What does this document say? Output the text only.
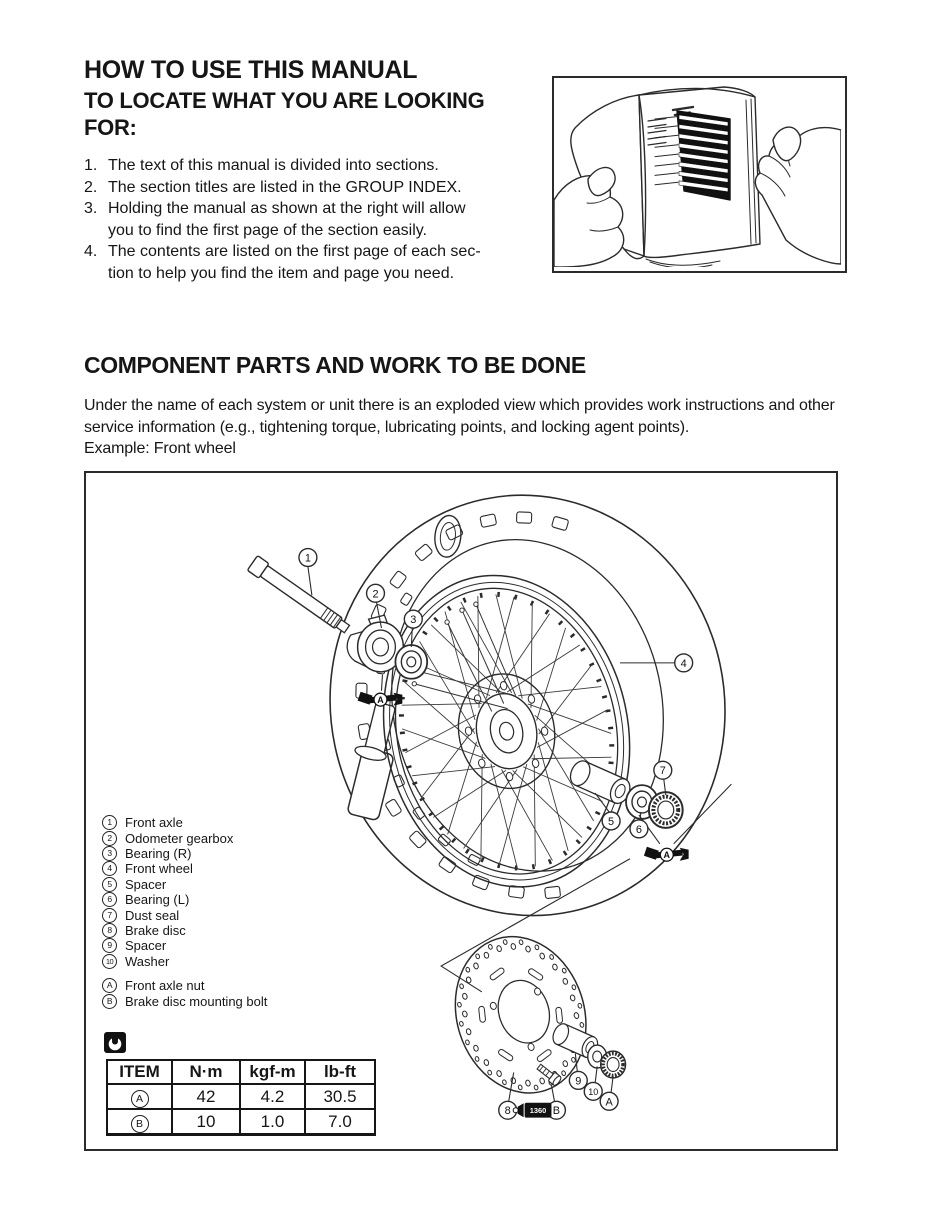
HOW TO USE THIS MANUAL
TO LOCATE WHAT YOU ARE LOOKING
FOR:
1. The text of this manual is divided into sections.
2. The section titles are listed in the GROUP INDEX.
3. Holding the manual as shown at the right will allow
you to find the first page of the section easily.
4. The contents are listed on the first page of each sec-
tion to help you find the item and page you need.
COMPONENT PARTS AND WORK TO BE DONE
Under the name of each system or unit there is an exploded view which provides work instructions and other
service information (e.g., tightening torque, lubricating points, and locking agent points).
Example: Front wheel
1
2
3
4
5
6
7
8
9
10
A
B
A
A
1360
1	Front axle
2	Odometer gearbox
3	Bearing (R)
4	Front wheel
5	Spacer
6	Bearing (L)
7	Dust seal
8	Brake disc
9	Spacer
10 Washer
A Front axle nut
B Brake disc mounting bolt
ITEM	N·m	kgf-m	lb-ft
A	42	4.2	30.5
B	10	1.0	7.0
